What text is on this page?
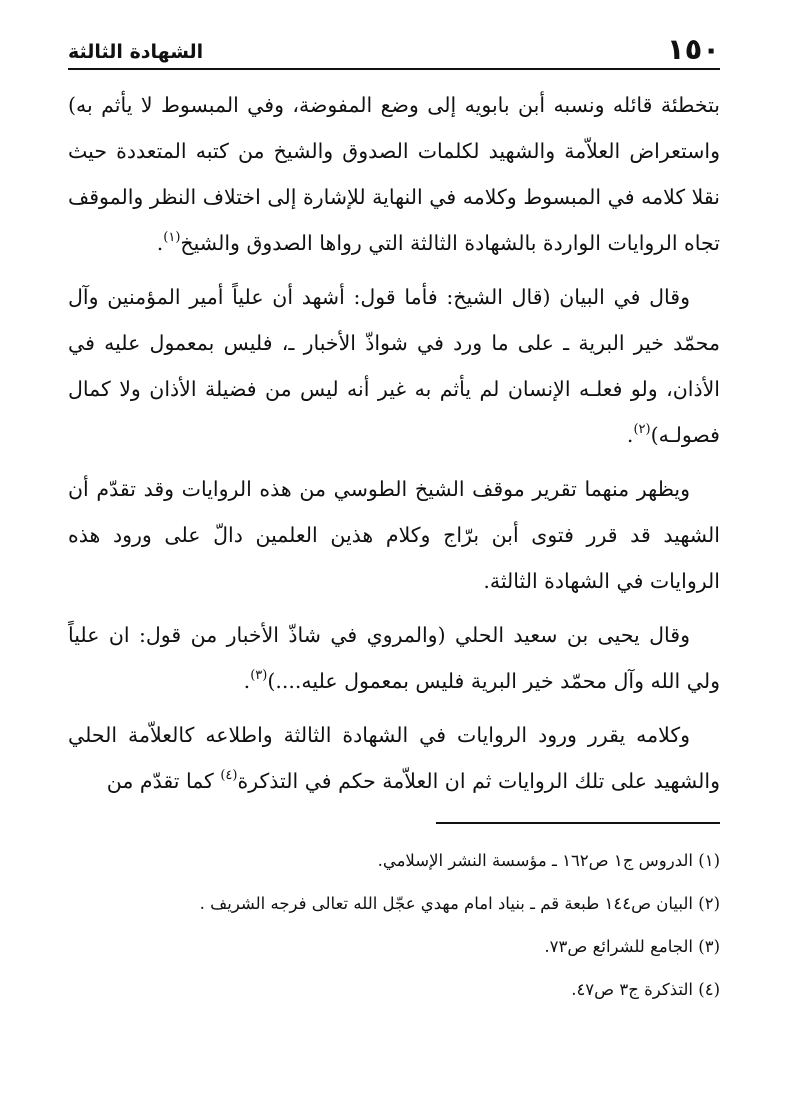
١٥٠
الشهادة الثالثة

بتخطئة قائله ونسبه أبن بابويه إلى وضع المفوضة، وفي المبسوط لا يأثم به) واستعراض العلاّمة والشهيد لكلمات الصدوق والشيخ من كتبه المتعددة حيث نقلا كلامه في المبسوط وكلامه في النهاية للإشارة إلى اختلاف النظر والموقف تجاه الروايات الواردة بالشهادة الثالثة التي رواها الصدوق والشيخ$^{(١)}$.

وقال في البيان (قال الشيخ: فأما قول: أشهد أن علياً أمير المؤمنين وآل محمّد خير البرية ـ على ما ورد في شواذّ الأخبار ـ، فليس بمعمول عليه في الأذان، ولو فعلـه الإنسان لم يأثم به غير أنه ليس من فضيلة الأذان ولا كمال فصولـه)$^{(٢)}$.

ويظهر منهما تقرير موقف الشيخ الطوسي من هذه الروايات وقد تقدّم أن الشهيد قد قرر فتوى أبن برّاج وكلام هذين العلمين دالّ على ورود هذه الروايات في الشهادة الثالثة.

وقال يحيى بن سعيد الحلي (والمروي في شاذّ الأخبار من قول: ان علياً ولي الله وآل محمّد خير البرية فليس بمعمول عليه....)$^{(٣)}$.

وكلامه يقرر ورود الروايات في الشهادة الثالثة واطلاعه كالعلاّمة الحلي والشهيد على تلك الروايات ثم ان العلاّمة حكم في التذكرة$^{(٤)}$ كما تقدّم من

(١) الدروس ج١ ص١٦٢ ـ مؤسسة النشر الإسلامي.
(٢) البيان ص١٤٤ طبعة قم ـ بنياد امام مهدي عجّل الله تعالى فرجه الشريف .
(٣) الجامع للشرائع ص٧٣.
(٤) التذكرة ج٣ ص٤٧.
